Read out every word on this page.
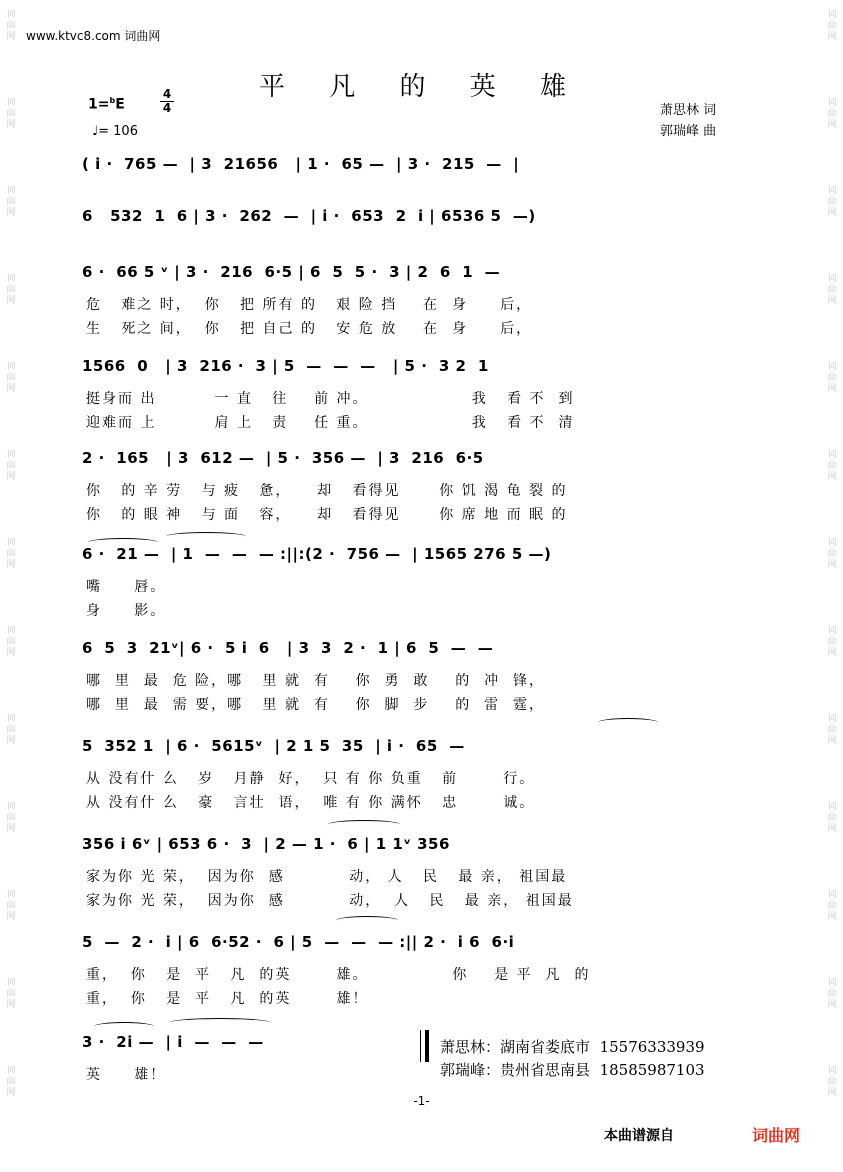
词
曲
网
词
曲
网
词
曲
网
词
曲
网
词
曲
网
词
曲
网
词
曲
网
词
曲
网
词
曲
网
词
曲
网
词
曲
网
词
曲
网
词
曲
网
词
曲
网
词
曲
网
词
曲
网
词
曲
网
词
曲
网
词
曲
网
词
曲
网
词
曲
网
词
曲
网
词
曲
网
词
曲
网
词
曲
网
词
曲
网
www.ktvc8.com 词曲网
平 凡 的 英 雄
萧思林 词
郭瑞峰 曲
1=$^b$E
4
4
♩= 106
( i ·  765 —  | 3  21656   | 1 ·  65 —  | 3 ·  215  —  |
6   532  1  6 | 3 ·  262  —  | i ·  653  2  i | 6536 5  —)
6 ·  66 5 ᵛ | 3 ·  216  6·5 | 6  5  5 ·  3 | 2  6  1  —
危   难之 时，  你   把 所有 的   艰 险 挡    在  身     后，
生   死之 间，  你   把 自己 的   安 危 放    在  身     后，
1566  0   | 3  216 ·  3 | 5  —  —  —   | 5 ·  3 2  1
挺身而 出         一 直   往    前 冲。                我   看 不  到
迎难而 上         肩 上   责    任 重。                我   看 不  清
2 ·  165   | 3  612 —  | 5 ·  356 —  | 3  216  6·5
你   的 辛 劳   与 疲   惫，    却   看得见      你 饥 渴 龟 裂 的
你   的 眼 神   与 面   容，    却   看得见      你 席 地 而 眠 的
6 ·  21 —  | 1  —  —  — :||:(2 ·  756 —  | 1565 276 5 —)
嘴     唇。
身     影。
6  5  3  21ᵛ| 6 ·  5 i  6   | 3  3  2 ·  1 | 6  5  —  —
哪  里  最  危 险，哪   里 就  有    你  勇  敢    的  冲  锋，
哪  里  最  需 要，哪   里 就  有    你  脚  步    的  雷  霆，
5  352 1  | 6 ·  5615ᵛ  | 2 1 5  35  | i ·  65  —
从 没有什 么   岁   月静  好，  只 有 你 负重   前       行。
从 没有什 么   豪   言壮  语，  唯 有 你 满怀   忠       诚。
356 i 6ᵛ | 653 6 ·  3  | 2 — 1 ·  6 | 1 1ᵛ 356
家为你 光 荣，  因为你  感          动， 人   民   最 亲， 祖国最
家为你 光 荣，  因为你  感          动，  人   民   最 亲， 祖国最
5  —  2 ·  i | 6  6·52 ·  6 | 5  —  —  — :|| 2 ·  i 6  6·i
重，  你   是  平   凡  的英       雄。             你    是 平  凡  的
重，  你   是  平   凡  的英       雄！
3 ·  2i —  | i  —  —  —
英     雄！
萧思林：湖南省娄底市 15576333939
郭瑞峰：贵州省思南县 18585987103
-1-
本曲谱源自	词曲网
